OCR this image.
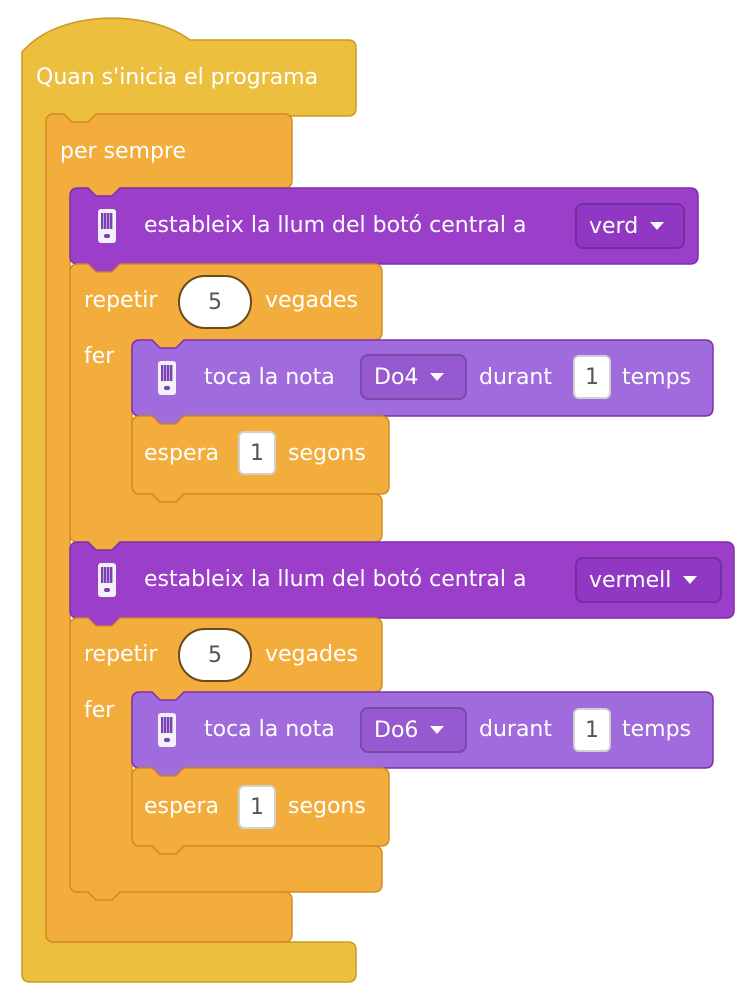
Quan s'inicia el programa
per sempre
estableix la llum del botó central a	verd
repetir	5	vegades
fer
toca la nota Do4	durant	1	temps
espera	1	segons
estableix la llum del botó central a	vermell
repetir	5	vegades
fer
toca la nota Do6	durant	1	temps
espera	1	segons
